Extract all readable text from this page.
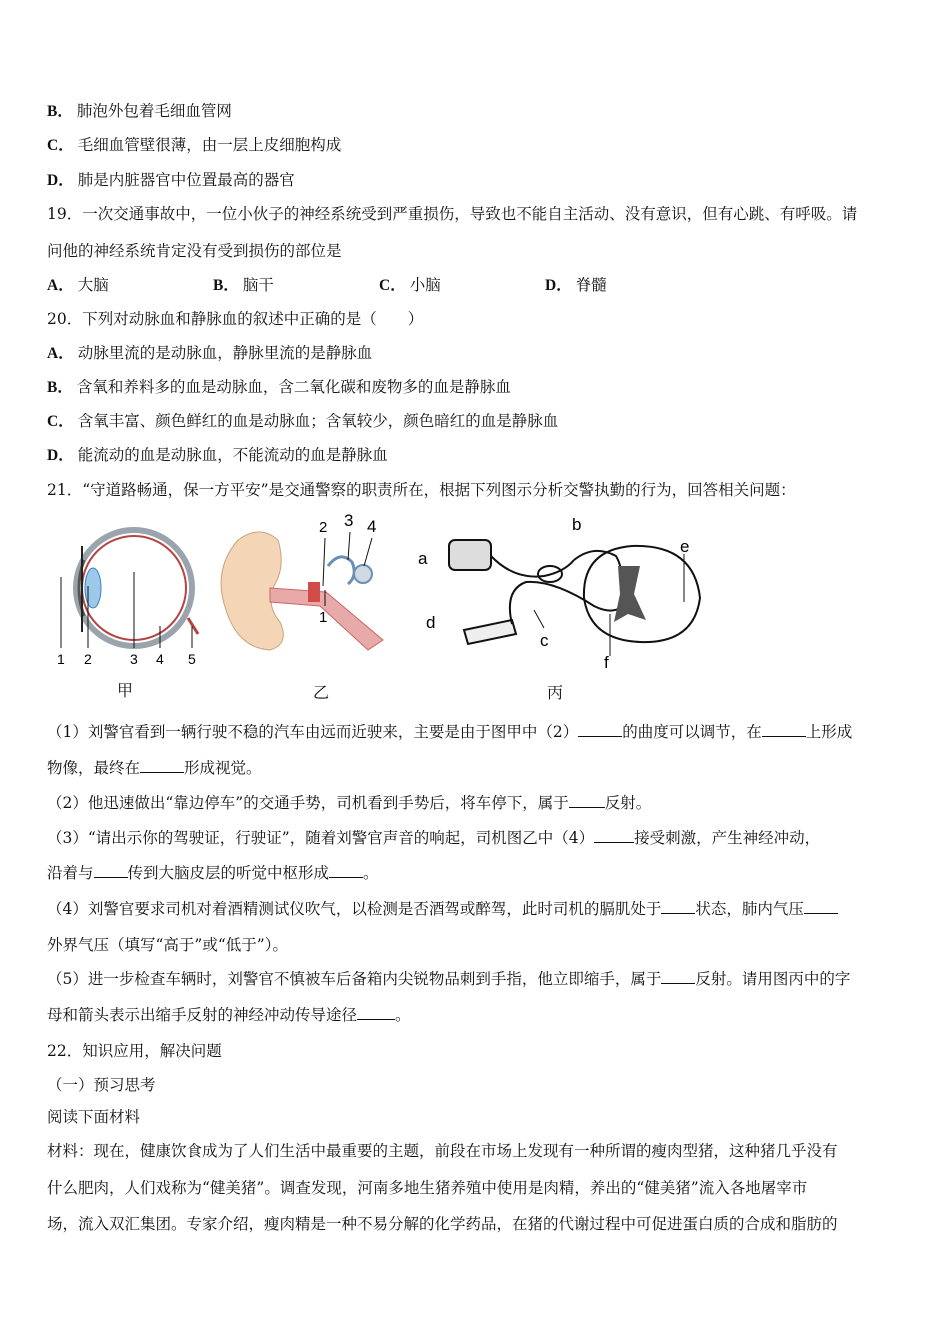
B． 肺泡外包着毛细血管网
C． 毛细血管壁很薄，由一层上皮细胞构成
D． 肺是内脏器官中位置最高的器官
19．一次交通事故中，一位小伙子的神经系统受到严重损伤，导致也不能自主活动、没有意识，但有心跳、有呼吸。请
问他的神经系统肯定没有受到损伤的部位是
A． 大脑	B． 脑干	C． 小脑	D． 脊髓
20．下列对动脉血和静脉血的叙述中正确的是（　　）
A． 动脉里流的是动脉血，静脉里流的是静脉血
B． 含氧和养料多的血是动脉血，含二氧化碳和废物多的血是静脉血
C． 含氧丰富、颜色鲜红的血是动脉血；含氧较少，颜色暗红的血是静脉血
D． 能流动的血是动脉血，不能流动的血是静脉血
21．“守道路畅通，保一方平安”是交通警察的职责所在，根据下列图示分析交警执勤的行为，回答相关问题：
1 2	3 4 5
甲
2 3 4
1
乙
a
b
c
d
e
f
丙
（1）刘警官看到一辆行驶不稳的汽车由远而近驶来，主要是由于图甲中（2）	的曲度可以调节，在	上形成
物像，最终在	形成视觉。
（2）他迅速做出“靠边停车”的交通手势，司机看到手势后，将车停下，属于 反射。
（3）“请出示你的驾驶证，行驶证”，随着刘警官声音的响起，司机图乙中（4）	接受刺激，产生神经冲动，
沿着与 传到大脑皮层的听觉中枢形成 。
（4）刘警官要求司机对着酒精测试仪吹气，以检测是否酒驾或醉驾，此时司机的膈肌处于 状态，肺内气压
外界气压（填写“高于”或“低于”）。
（5）进一步检查车辆时，刘警官不慎被车后备箱内尖锐物品刺到手指，他立即缩手，属于 反射。请用图丙中的字
母和箭头表示出缩手反射的神经冲动传导途径 。
22．知识应用，解决问题
（一）预习思考
阅读下面材料
材料：现在，健康饮食成为了人们生活中最重要的主题，前段在市场上发现有一种所谓的瘦肉型猪，这种猪几乎没有
什么肥肉，人们戏称为“健美猪”。调查发现，河南多地生猪养殖中使用是肉精，养出的“健美猪”流入各地屠宰市
场，流入双汇集团。专家介绍，瘦肉精是一种不易分解的化学药品，在猪的代谢过程中可促进蛋白质的合成和脂肪的
